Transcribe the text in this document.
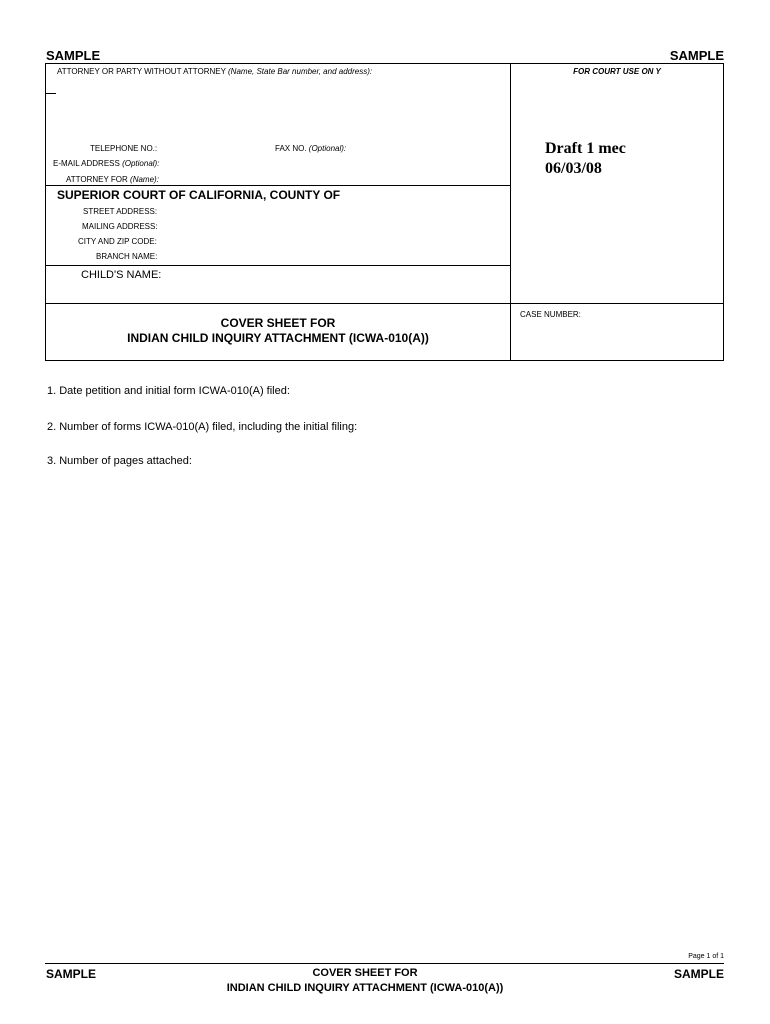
SAMPLE	SAMPLE
ATTORNEY OR PARTY WITHOUT ATTORNEY (Name, State Bar number, and address):
TELEPHONE NO.:	FAX NO. (Optional):
E-MAIL ADDRESS (Optional):
ATTORNEY FOR (Name):
FOR COURT USE ON Y
Draft 1 mec
06/03/08
SUPERIOR COURT OF CALIFORNIA, COUNTY OF
STREET ADDRESS:
MAILING ADDRESS:
CITY AND ZIP CODE:
BRANCH NAME:
CHILD'S NAME:
COVER SHEET FOR
INDIAN CHILD INQUIRY ATTACHMENT (ICWA-010(A))
CASE NUMBER:
1. Date petition and initial form ICWA-010(A) filed:
2. Number of forms ICWA-010(A) filed, including the initial filing:
3. Number of pages attached:
Page 1 of 1
SAMPLE	SAMPLE
COVER SHEET FOR
INDIAN CHILD INQUIRY ATTACHMENT (ICWA-010(A))
